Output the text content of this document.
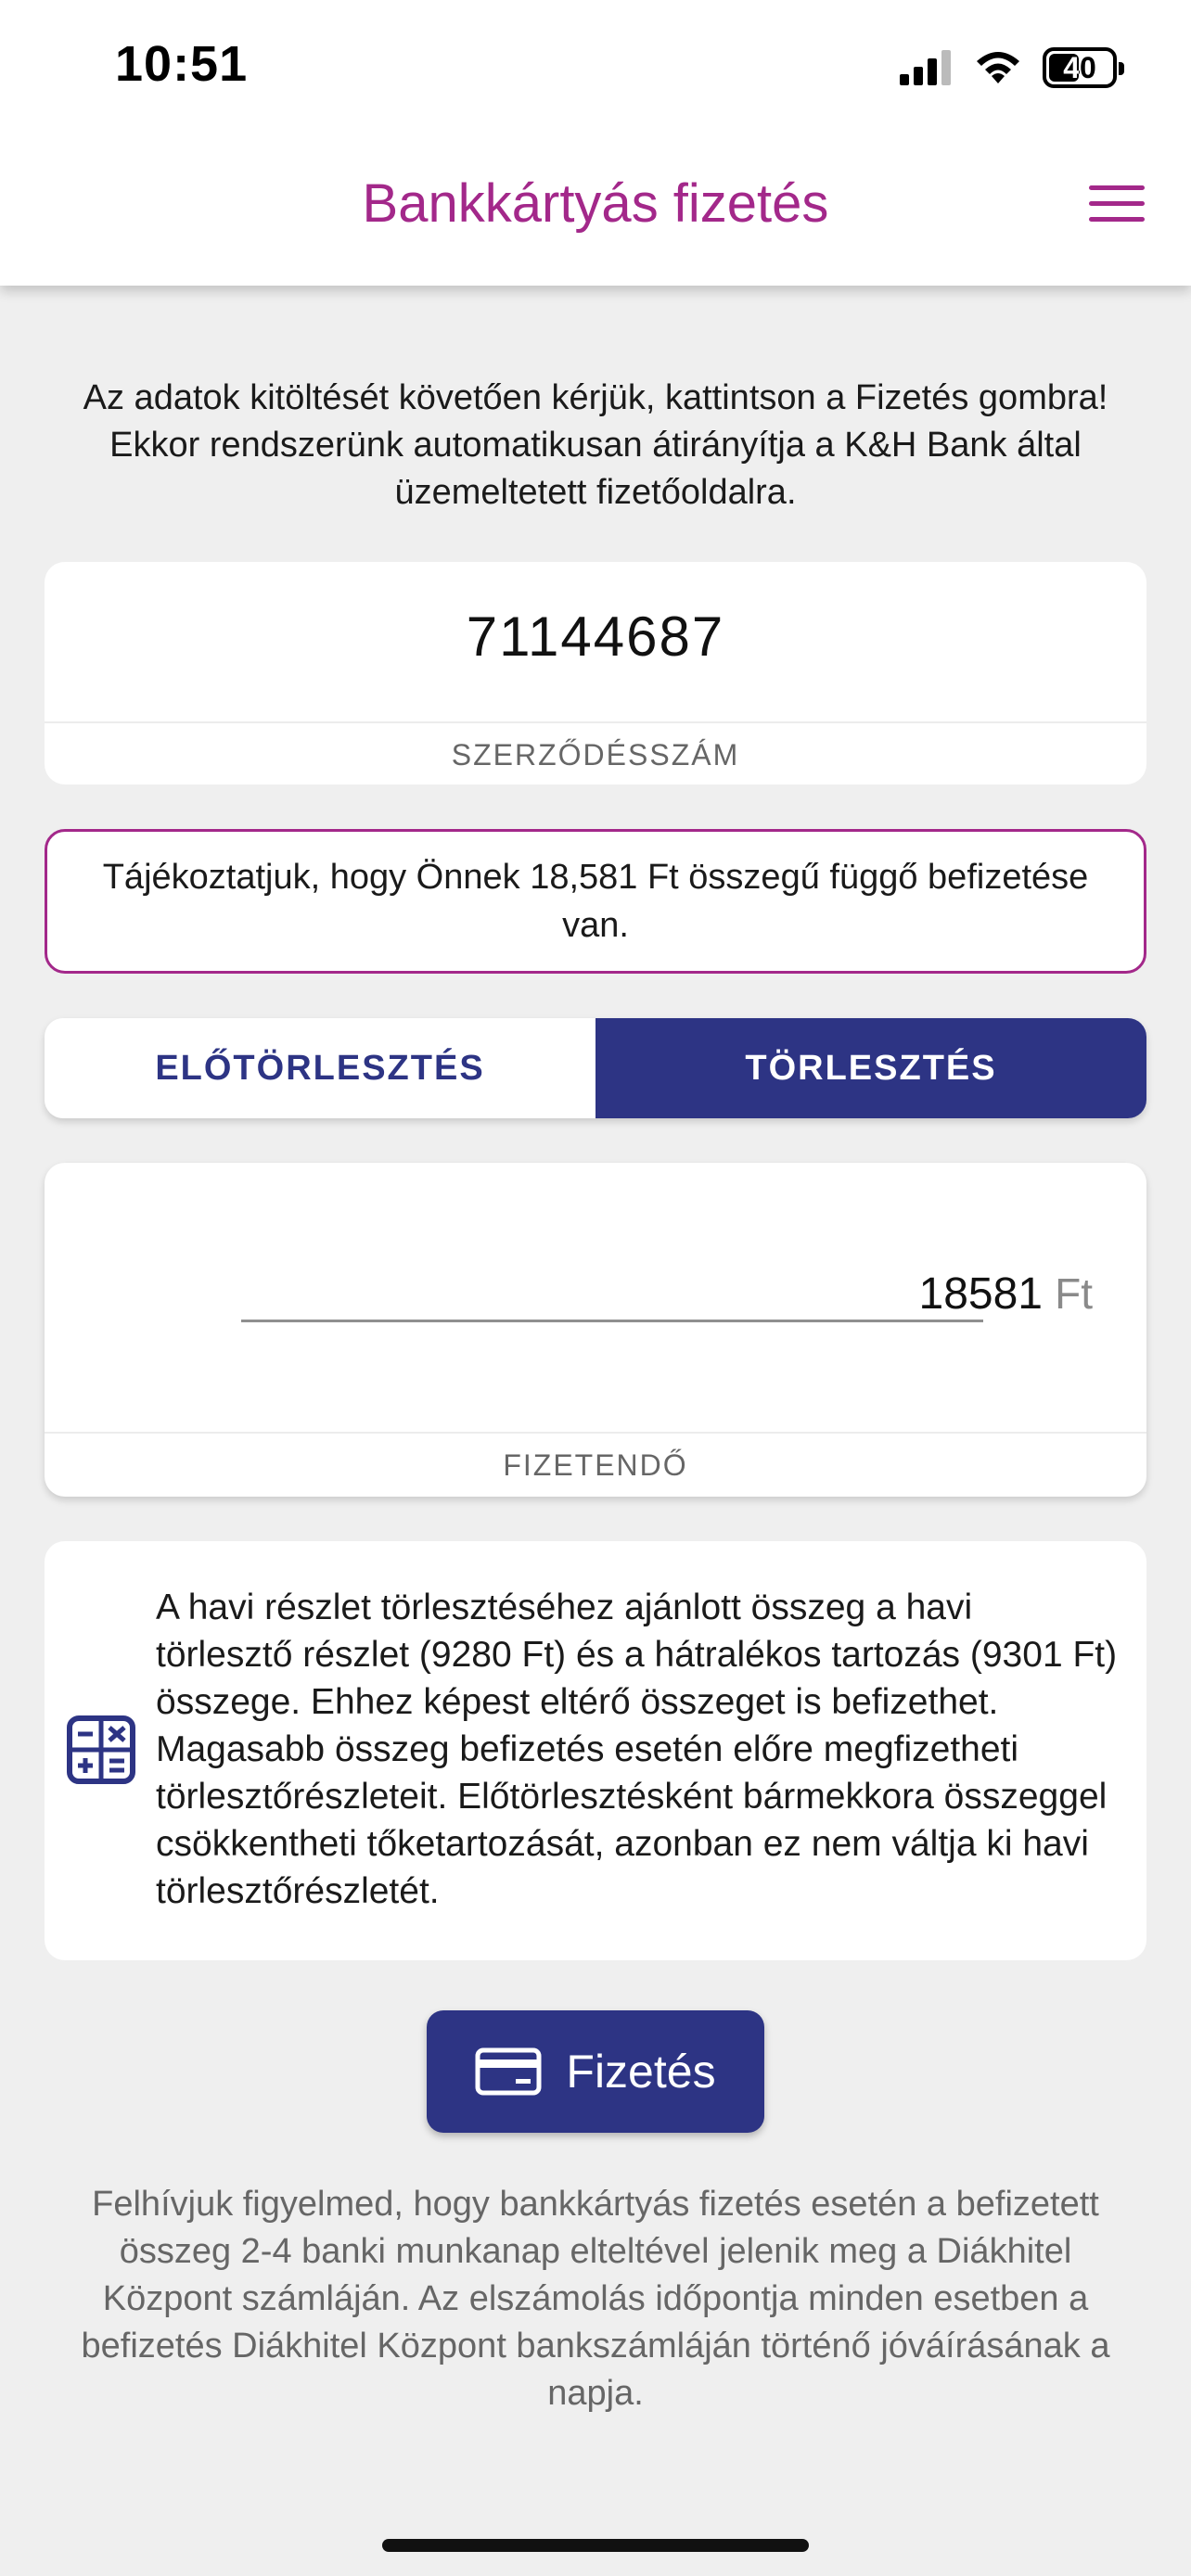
10:51	40
Bankkártyás fizetés
Az adatok kitöltését követően kérjük, kattintson a Fizetés gombra! Ekkor rendszerünk automatikusan átirányítja a K&H Bank által üzemeltetett fizetőoldalra.
71144687
SZERZŐDÉSSZÁM
Tájékoztatjuk, hogy Önnek 18,581 Ft összegű függő befizetése van.
ELŐTÖRLESZTÉS	TÖRLESZTÉS
18581 Ft
FIZETENDŐ
A havi részlet törlesztéséhez ajánlott összeg a havi törlesztő részlet (9280 Ft) és a hátralékos tartozás (9301 Ft) összege. Ehhez képest eltérő összeget is befizethet. Magasabb összeg befizetés esetén előre megfizetheti törlesztőrészleteit. Előtörlesztésként bármekkora összeggel csökkentheti tőketartozását, azonban ez nem váltja ki havi törlesztőrészletét.
Fizetés
Felhívjuk figyelmed, hogy bankkártyás fizetés esetén a befizetett összeg 2-4 banki munkanap elteltével jelenik meg a Diákhitel Központ számláján. Az elszámolás időpontja minden esetben a befizetés Diákhitel Központ bankszámláján történő jóváírásának a napja.
